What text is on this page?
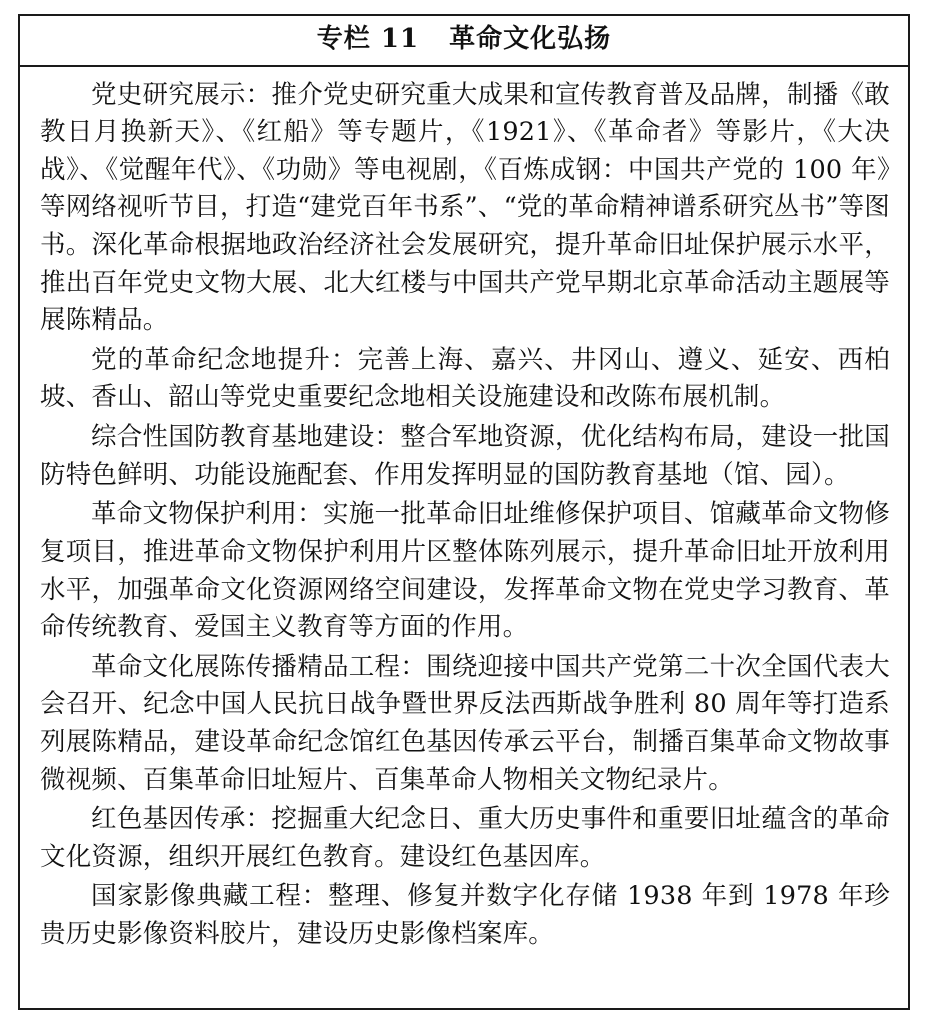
专栏 11   革命文化弘扬

党史研究展示：推介党史研究重大成果和宣传教育普及品牌，制播《敢教日月换新天》、《红船》等专题片，《1921》、《革命者》等影片，《大决战》、《觉醒年代》、《功勋》等电视剧，《百炼成钢：中国共产党的 100 年》等网络视听节目，打造“建党百年书系”、“党的革命精神谱系研究丛书”等图书。深化革命根据地政治经济社会发展研究，提升革命旧址保护展示水平，推出百年党史文物大展、北大红楼与中国共产党早期北京革命活动主题展等展陈精品。

党的革命纪念地提升：完善上海、嘉兴、井冈山、遵义、延安、西柏坡、香山、韶山等党史重要纪念地相关设施建设和改陈布展机制。

综合性国防教育基地建设：整合军地资源，优化结构布局，建设一批国防特色鲜明、功能设施配套、作用发挥明显的国防教育基地（馆、园）。

革命文物保护利用：实施一批革命旧址维修保护项目、馆藏革命文物修复项目，推进革命文物保护利用片区整体陈列展示，提升革命旧址开放利用水平，加强革命文化资源网络空间建设，发挥革命文物在党史学习教育、革命传统教育、爱国主义教育等方面的作用。

革命文化展陈传播精品工程：围绕迎接中国共产党第二十次全国代表大会召开、纪念中国人民抗日战争暨世界反法西斯战争胜利 80 周年等打造系列展陈精品，建设革命纪念馆红色基因传承云平台，制播百集革命文物故事微视频、百集革命旧址短片、百集革命人物相关文物纪录片。

红色基因传承：挖掘重大纪念日、重大历史事件和重要旧址蕴含的革命文化资源，组织开展红色教育。建设红色基因库。

国家影像典藏工程：整理、修复并数字化存储 1938 年到 1978 年珍贵历史影像资料胶片，建设历史影像档案库。
